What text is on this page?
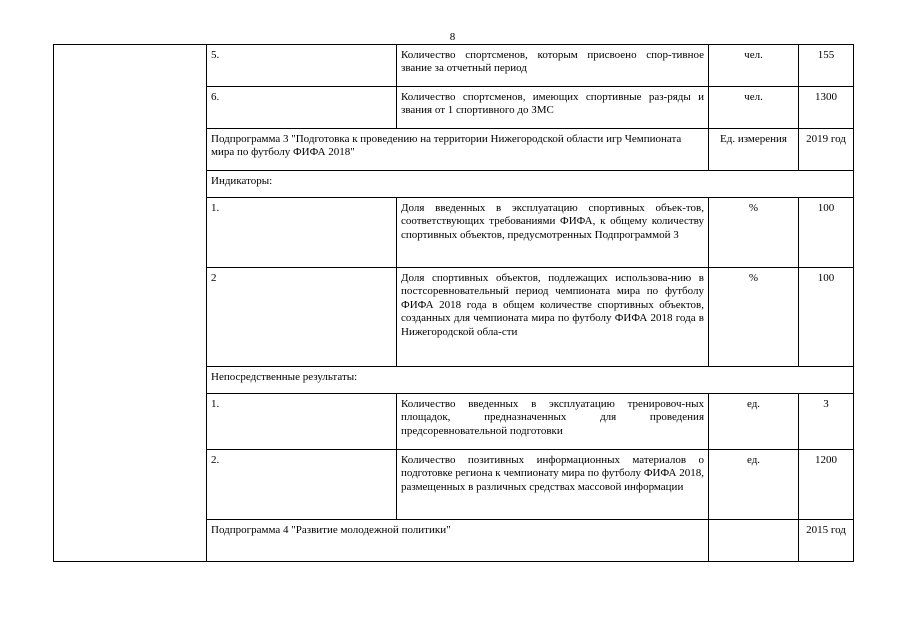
8
	5.	Количество спортсменов, которым присвоено спор-тивное звание за отчетный период	чел.	155
	6.	Количество спортсменов, имеющих спортивные раз-ряды и звания от 1 спортивного до ЗМС	чел.	1300
	Подпрограмма 3 "Подготовка к проведению на территории Нижегородской области игр Чемпионата мира по футболу ФИФА 2018"		Ед. измерения	2019 год
	Индикаторы:			
	1.	Доля введенных в эксплуатацию спортивных объек-тов, соответствующих требованиями ФИФА, к общему количеству спортивных объектов, предусмотренных Подпрограммой 3	%	100
	2	Доля спортивных объектов, подлежащих использова-нию в постсоревновательный период чемпионата мира по футболу ФИФА 2018 года в общем количестве спортивных объектов, созданных для чемпионата мира по футболу ФИФА 2018 года в Нижегородской обла-сти	%	100
	Непосредственные результаты:			
	1.	Количество введенных в эксплуатацию тренировоч-ных площадок, предназначенных для проведения предсоревновательной подготовки	ед.	3
	2.	Количество позитивных информационных материалов о подготовке региона к чемпионату мира по футболу ФИФА 2018, размещенных в различных средствах массовой информации	ед.	1200
	Подпрограмма 4 "Развитие молодежной политики"			2015 год
